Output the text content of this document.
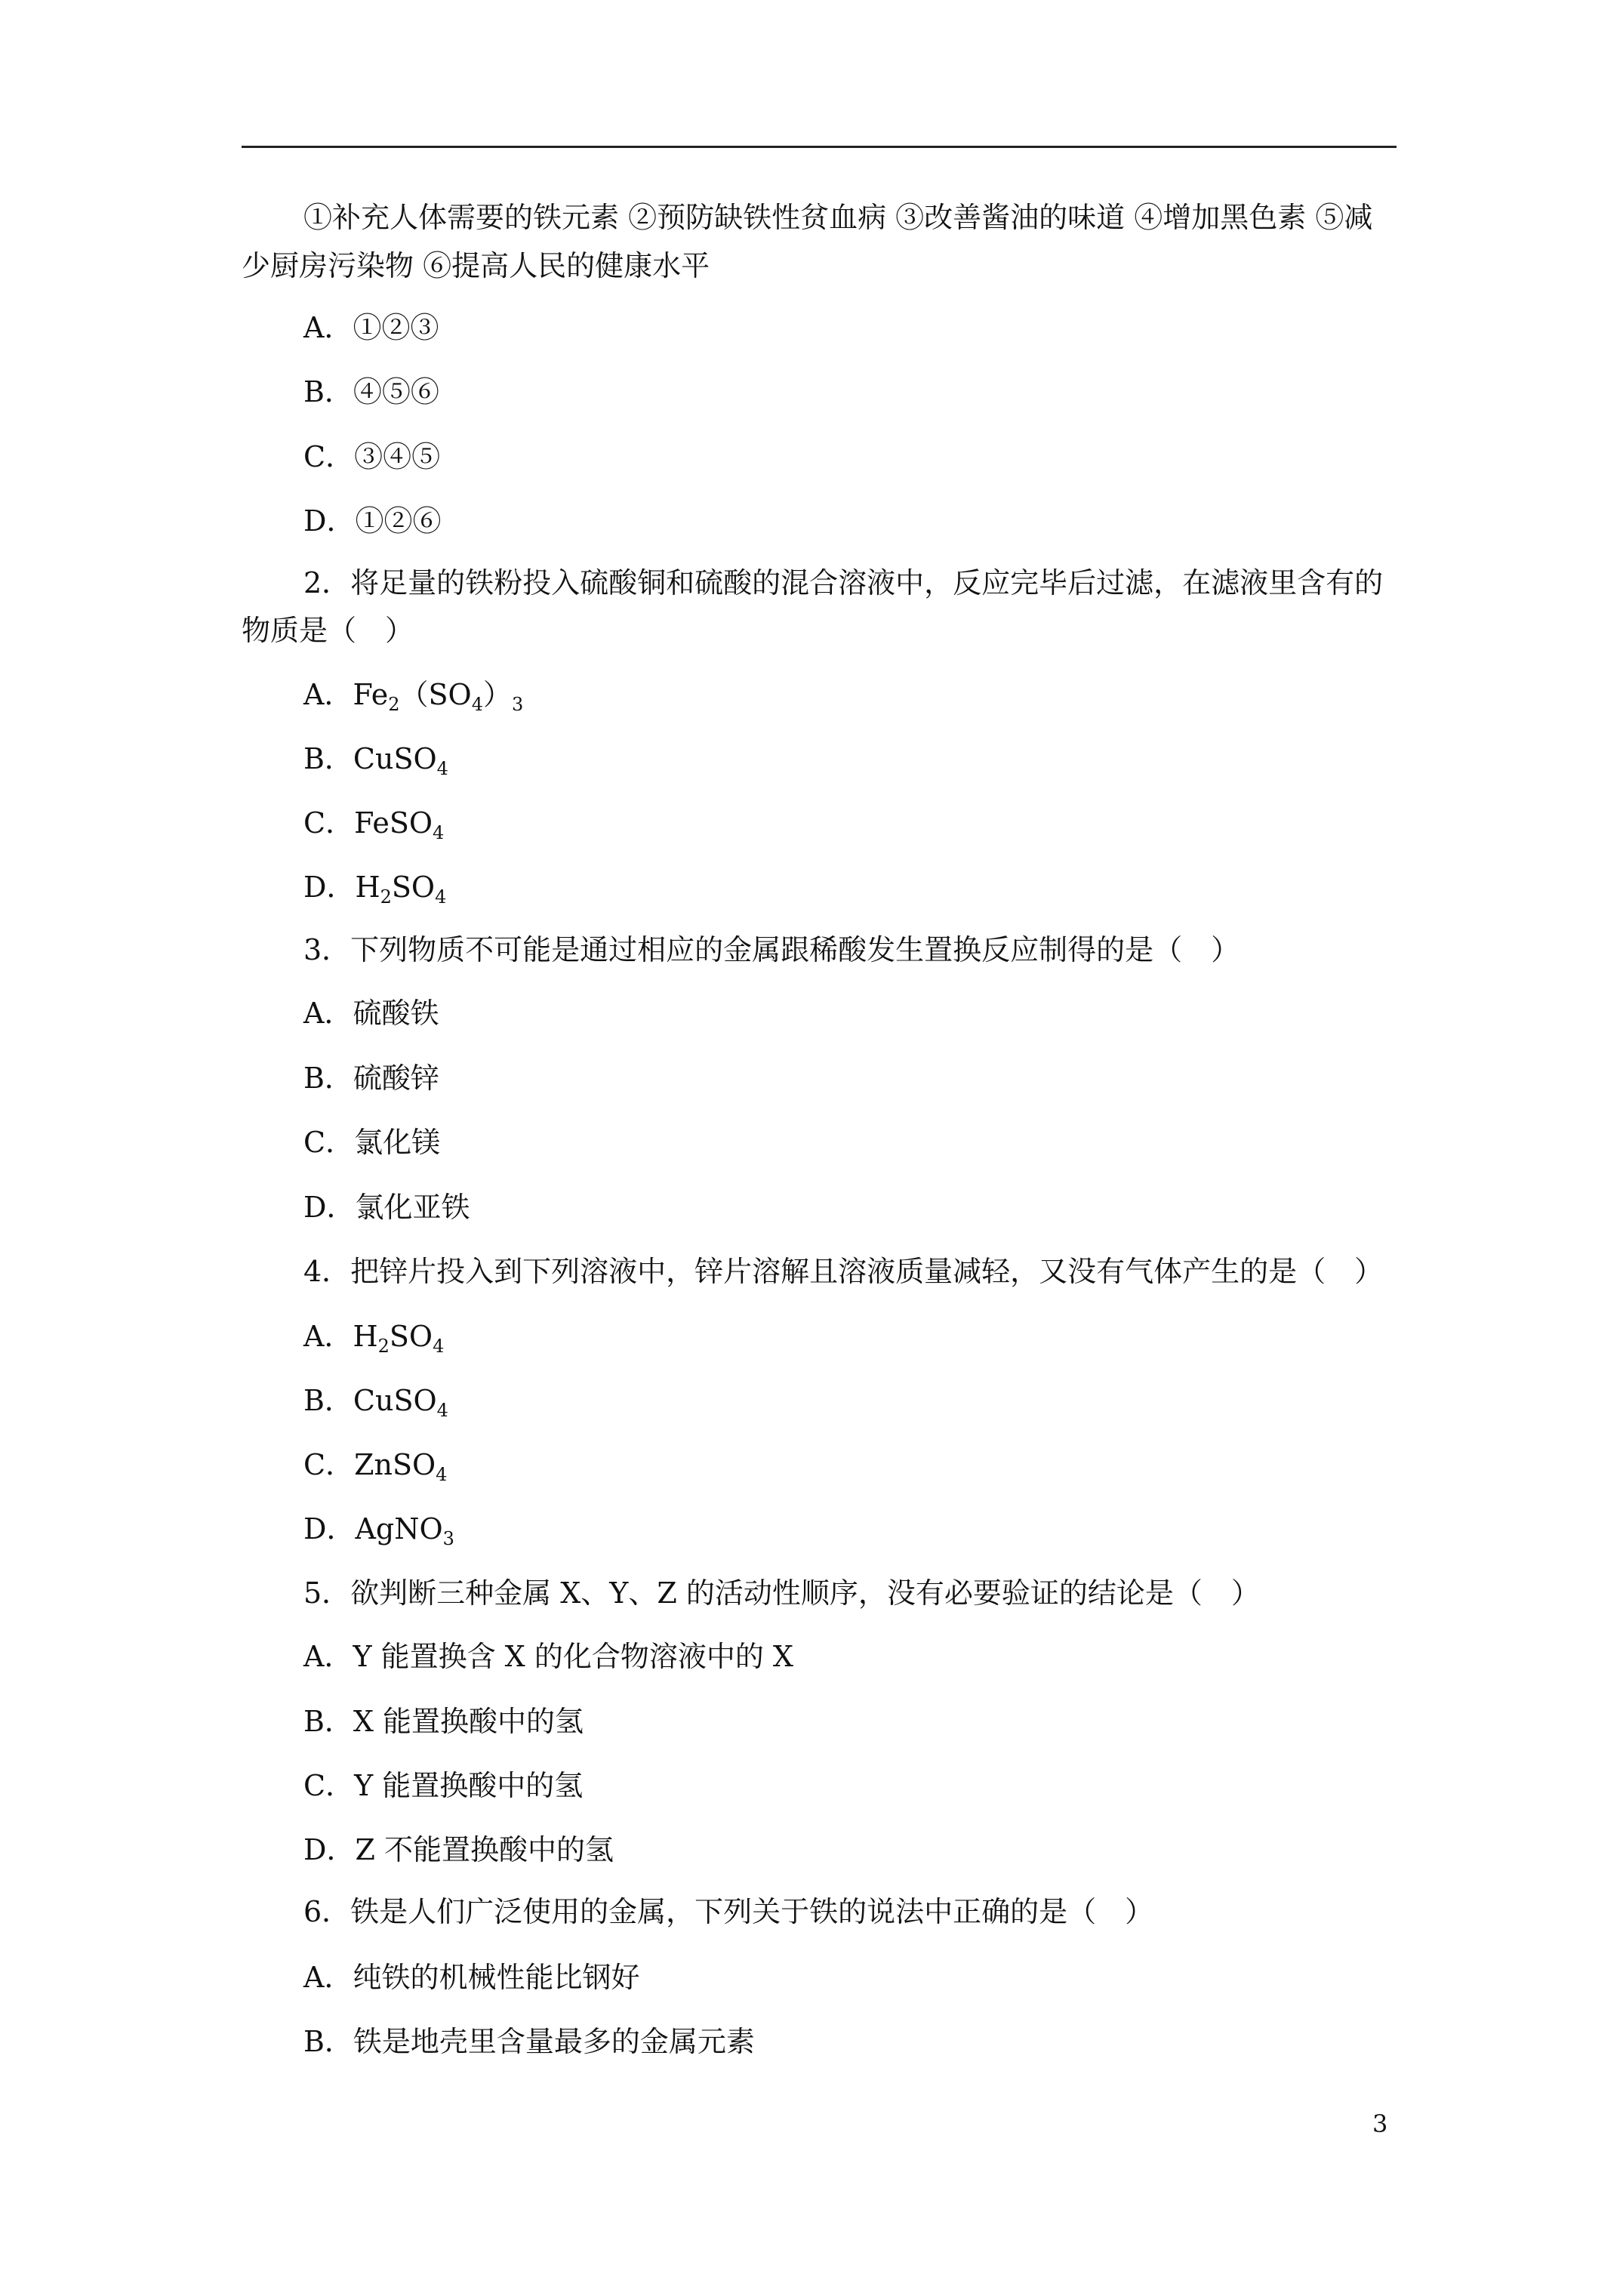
①补充人体需要的铁元素 ②预防缺铁性贫血病 ③改善酱油的味道 ④增加黑色素 ⑤减
少厨房污染物 ⑥提高人民的健康水平
A．①②③
B．④⑤⑥
C．③④⑤
D．①②⑥
2．将足量的铁粉投入硫酸铜和硫酸的混合溶液中，反应完毕后过滤，在滤液里含有的
物质是（　）
A．$Fe_2(SO_4)_3$
B．CuSO$_4$
C．FeSO$_4$
D．$H_2SO_4$
3．下列物质不可能是通过相应的金属跟稀酸发生置换反应制得的是（　）
A．硫酸铁
B．硫酸锌
C．氯化镁
D．氯化亚铁
4．把锌片投入到下列溶液中，锌片溶解且溶液质量减轻，又没有气体产生的是（　）
A．$H_2SO_4$
B．CuSO$_4$
C．ZnSO$_4$
D．AgNO$_3$
5．欲判断三种金属 X、Y、Z 的活动性顺序，没有必要验证的结论是（　）
A．Y 能置换含 X 的化合物溶液中的 X
B．X 能置换酸中的氢
C．Y 能置换酸中的氢
D．Z 不能置换酸中的氢
6．铁是人们广泛使用的金属，下列关于铁的说法中正确的是（　）
A．纯铁的机械性能比钢好
B．铁是地壳里含量最多的金属元素
3
